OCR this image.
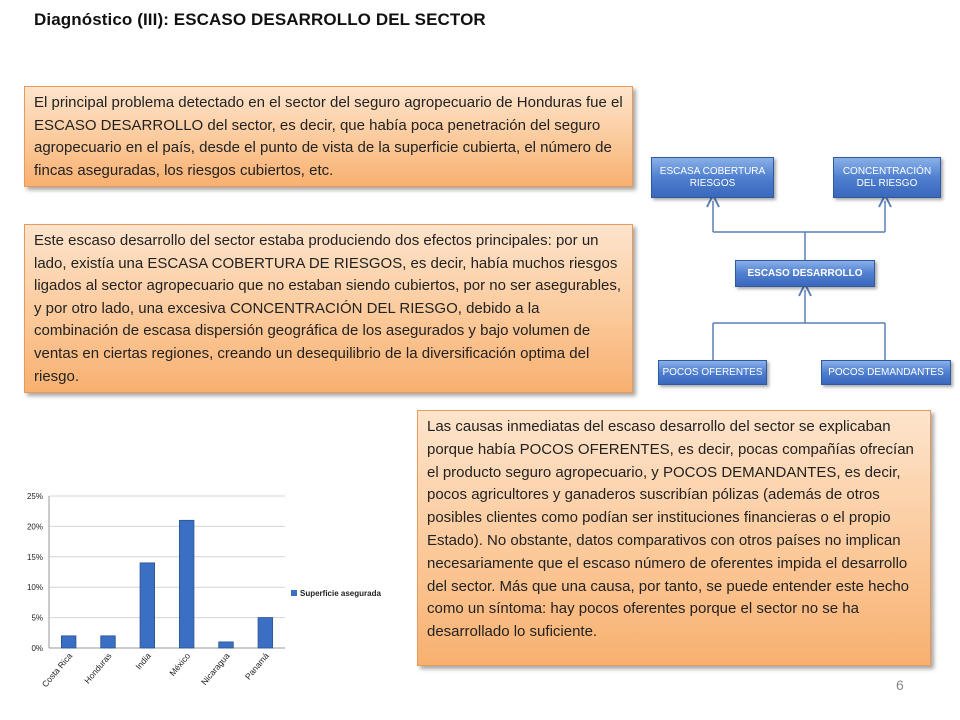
Diagnóstico (III): ESCASO DESARROLLO DEL SECTOR
El principal problema detectado en el sector del seguro agropecuario de Honduras fue el ESCASO DESARROLLO del sector, es decir, que había poca penetración del seguro agropecuario en el país, desde el punto de vista de la superficie cubierta, el número de fincas aseguradas, los riesgos cubiertos, etc.
Este escaso desarrollo del sector estaba produciendo dos efectos principales: por un lado, existía una ESCASA COBERTURA DE RIESGOS, es decir, había muchos riesgos ligados al sector agropecuario que no estaban siendo cubiertos, por no ser asegurables, y por otro lado, una excesiva CONCENTRACIÓN DEL RIESGO, debido a la combinación de escasa dispersión geográfica de los asegurados y bajo volumen de ventas en ciertas regiones, creando un desequilibrio de la diversificación optima del riesgo.
Las causas inmediatas del escaso desarrollo del sector se explicaban porque había POCOS OFERENTES, es decir, pocas compañías ofrecían el producto seguro agropecuario, y POCOS DEMANDANTES, es decir, pocos agricultores y ganaderos suscribían pólizas (además de otros posibles clientes como podían ser instituciones financieras o el propio Estado). No obstante, datos comparativos con otros países no implican necesariamente que el escaso número de oferentes impida el desarrollo del sector. Más que una causa, por tanto, se puede entender este hecho como un síntoma: hay pocos oferentes porque el sector no se ha desarrollado lo suficiente.
ESCASA COBERTURA RIESGOS
CONCENTRACIÓN DEL RIESGO
ESCASO DESARROLLO
POCOS OFERENTES	POCOS DEMANDANTES
0%
5%
10%
15%
20%
25%
Costa Rica Honduras India México Nicaragua Panamá
Superficie asegurada
6
